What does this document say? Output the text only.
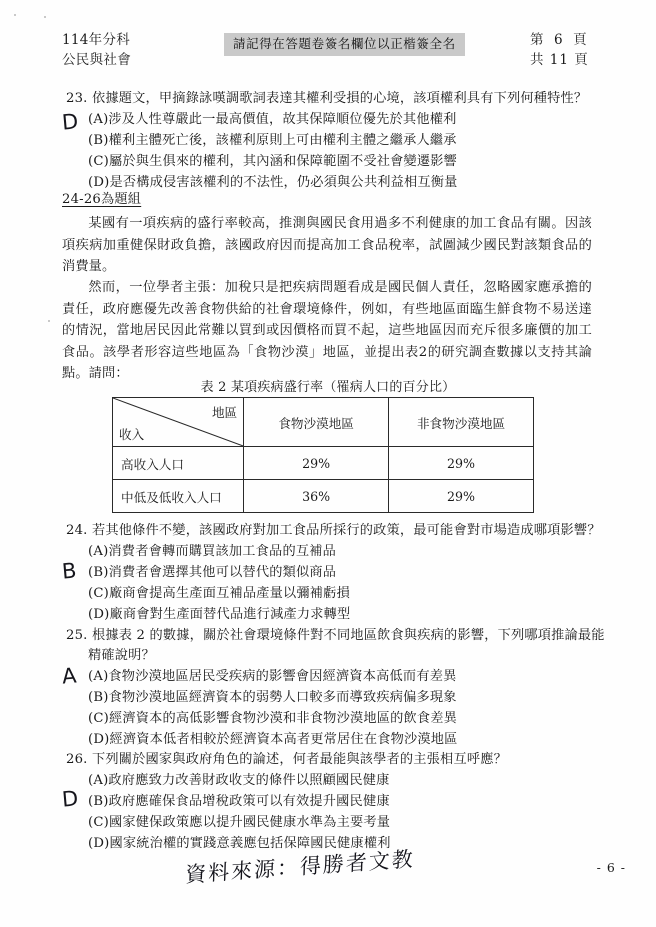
114年分科
公民與社會
請記得在答題卷簽名欄位以正楷簽全名	第 6 頁
共 11 頁
23. 依據題文，甲摘錄詠嘆調歌詞表達其權利受損的心境，該項權利具有下列何種特性？
D (A)涉及人性尊嚴此一最高價值，故其保障順位優先於其他權利
(B)權利主體死亡後，該權利原則上可由權利主體之繼承人繼承
(C)屬於與生俱來的權利，其內涵和保障範圍不受社會變遷影響
(D)是否構成侵害該權利的不法性，仍必須與公共利益相互衡量
24-26為題組

某國有一項疾病的盛行率較高，推測與國民食用過多不利健康的加工食品有關。因該項疾病加重健保財政負擔，該國政府因而提高加工食品稅率，試圖減少國民對該類食品的消費量。

然而，一位學者主張：加稅只是把疾病問題看成是國民個人責任，忽略國家應承擔的責任，政府應優先改善食物供給的社會環境條件，例如，有些地區面臨生鮮食物不易送達的情況，當地居民因此常難以買到或因價格而買不起，這些地區因而充斥很多廉價的加工食品。該學者形容這些地區為「食物沙漠」地區，並提出表2的研究調查數據以支持其論點。請問：

表 2 某項疾病盛行率（罹病人口的百分比）
地區
收入	食物沙漠地區	非食物沙漠地區
高收入人口	29%	29%
中低及低收入人口	36%	29%
24. 若其他條件不變，該國政府對加工食品所採行的政策，最可能會對市場造成哪項影響？
B
(A)消費者會轉而購買該加工食品的互補品
(B)消費者會選擇其他可以替代的類似商品
(C)廠商會提高生產面互補品產量以彌補虧損
(D)廠商會對生產面替代品進行減產力求轉型
25. 根據表 2 的數據，關於社會環境條件對不同地區飲食與疾病的影響，下列哪項推論最能
精確說明？
A (A)食物沙漠地區居民受疾病的影響會因經濟資本高低而有差異
(B)食物沙漠地區經濟資本的弱勢人口較多而導致疾病偏多現象
(C)經濟資本的高低影響食物沙漠和非食物沙漠地區的飲食差異
(D)經濟資本低者相較於經濟資本高者更常居住在食物沙漠地區
26. 下列關於國家與政府角色的論述，何者最能與該學者的主張相互呼應？
D
(A)政府應致力改善財政收支的條件以照顧國民健康
(B)政府應確保食品增稅政策可以有效提升國民健康
(C)國家健保政策應以提升國民健康水準為主要考量
(D)國家統治權的實踐意義應包括保障國民健康權利
資料來源：得勝者文教	- 6 -
